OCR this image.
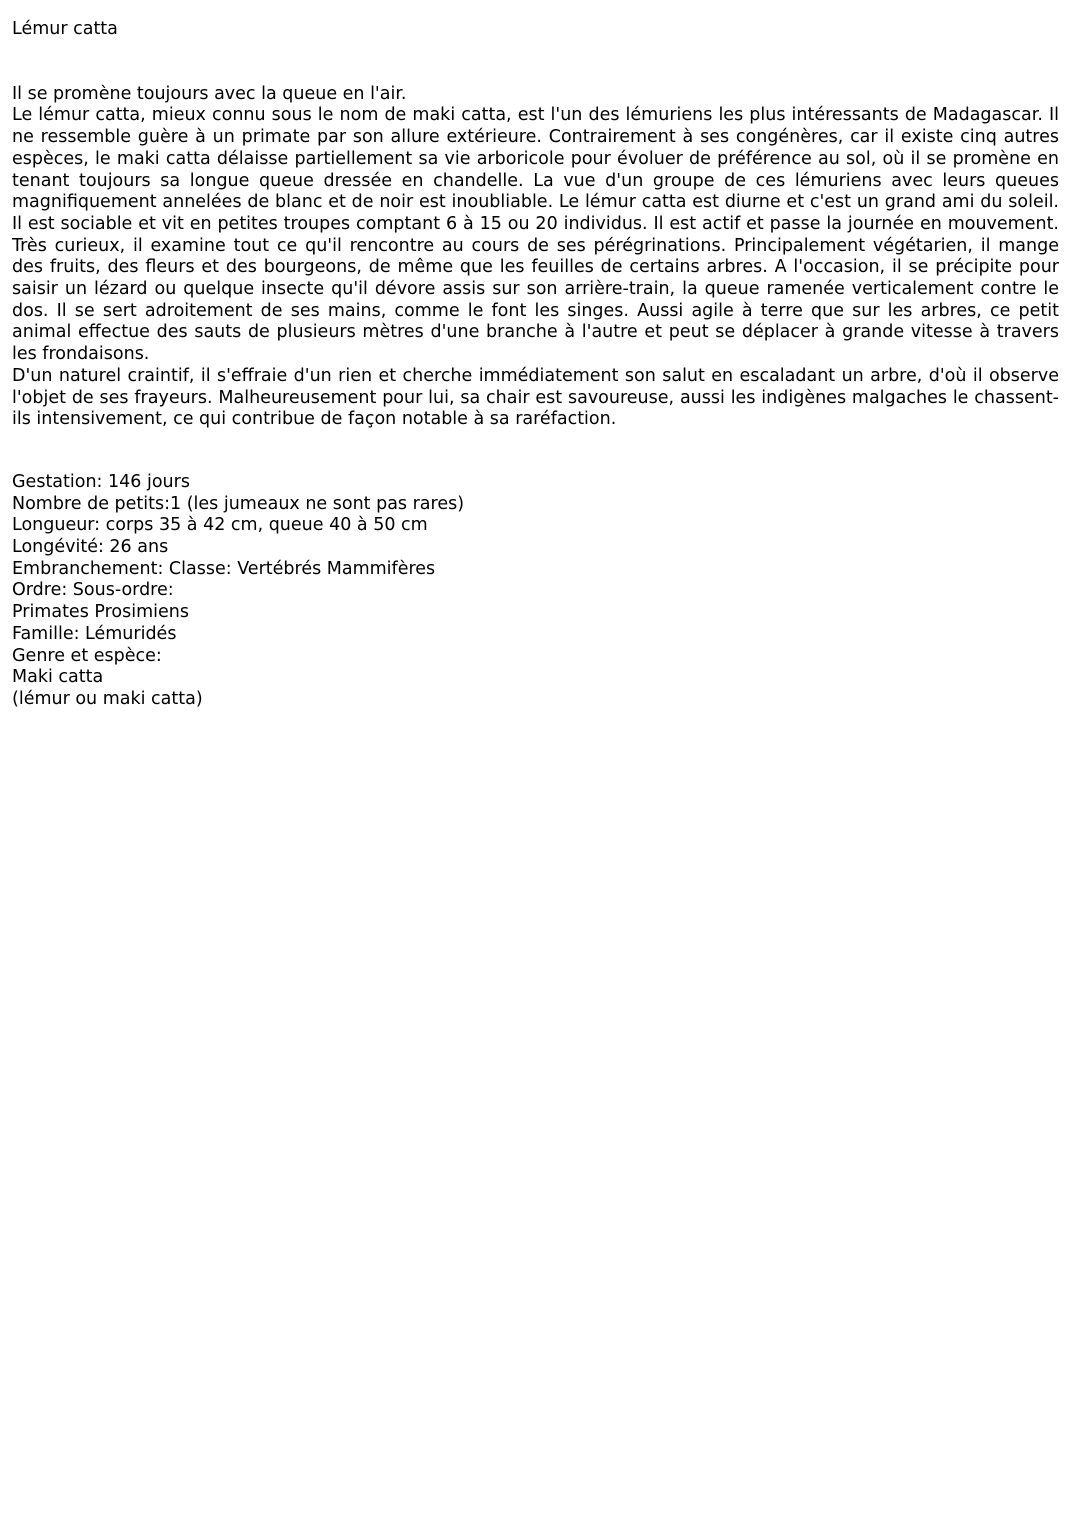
Lémur catta
Il se promène toujours avec la queue en l'air.
Le lémur catta, mieux connu sous le nom de maki catta, est l'un des lémuriens les plus intéressants de Madagascar. Il ne ressemble guère à un primate par son allure extérieure. Contrairement à ses congénères, car il existe cinq autres espèces, le maki catta délaisse partiellement sa vie arboricole pour évoluer de préférence au sol, où il se promène en tenant toujours sa longue queue dressée en chandelle. La vue d'un groupe de ces lémuriens avec leurs queues magnifiquement annelées de blanc et de noir est inoubliable. Le lémur catta est diurne et c'est un grand ami du soleil. Il est sociable et vit en petites troupes comptant 6 à 15 ou 20 individus. Il est actif et passe la journée en mouvement. Très curieux, il examine tout ce qu'il rencontre au cours de ses pérégrinations. Principalement végétarien, il mange des fruits, des fleurs et des bourgeons, de même que les feuilles de certains arbres. A l'occasion, il se précipite pour saisir un lézard ou quelque insecte qu'il dévore assis sur son arrière-train, la queue ramenée verticalement contre le dos. Il se sert adroitement de ses mains, comme le font les singes. Aussi agile à terre que sur les arbres, ce petit animal effectue des sauts de plusieurs mètres d'une branche à l'autre et peut se déplacer à grande vitesse à travers les frondaisons.
D'un naturel craintif, il s'effraie d'un rien et cherche immédiatement son salut en escaladant un arbre, d'où il observe l'objet de ses frayeurs. Malheureusement pour lui, sa chair est savoureuse, aussi les indigènes malgaches le chassent-ils intensivement, ce qui contribue de façon notable à sa raréfaction.
Gestation: 146 jours
Nombre de petits:1 (les jumeaux ne sont pas rares)
Longueur: corps 35 à 42 cm, queue 40 à 50 cm
Longévité: 26 ans
Embranchement: Classe: Vertébrés Mammifères
Ordre: Sous-ordre:
Primates Prosimiens
Famille: Lémuridés
Genre et espèce:
Maki catta
(lémur ou maki catta)
